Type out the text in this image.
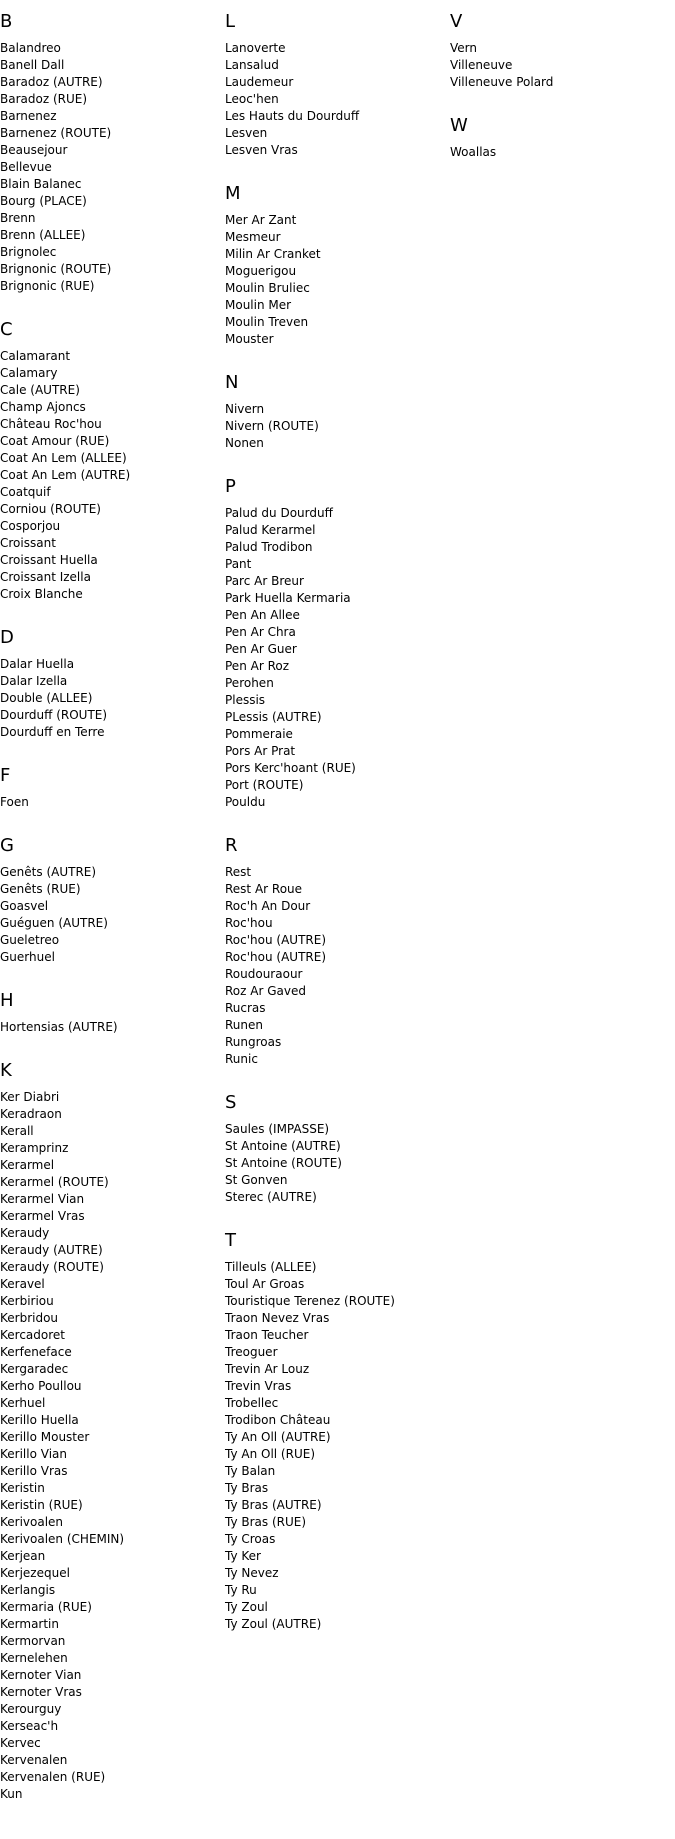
B
Balandreo
Banell Dall
Baradoz (AUTRE)
Baradoz (RUE)
Barnenez
Barnenez (ROUTE)
Beausejour
Bellevue
Blain Balanec
Bourg (PLACE)
Brenn
Brenn (ALLEE)
Brignolec
Brignonic (ROUTE)
Brignonic (RUE)
C
Calamarant
Calamary
Cale (AUTRE)
Champ Ajoncs
Château Roc'hou
Coat Amour (RUE)
Coat An Lem (ALLEE)
Coat An Lem (AUTRE)
Coatquif
Corniou (ROUTE)
Cosporjou
Croissant
Croissant Huella
Croissant Izella
Croix Blanche
D
Dalar Huella
Dalar Izella
Double (ALLEE)
Dourduff (ROUTE)
Dourduff en Terre
F
Foen
G
Genêts (AUTRE)
Genêts (RUE)
Goasvel
Guéguen (AUTRE)
Gueletreo
Guerhuel
H
Hortensias (AUTRE)
K
Ker Diabri
Keradraon
Kerall
Keramprinz
Kerarmel
Kerarmel (ROUTE)
Kerarmel Vian
Kerarmel Vras
Keraudy
Keraudy (AUTRE)
Keraudy (ROUTE)
Keravel
Kerbiriou
Kerbridou
Kercadoret
Kerfeneface
Kergaradec
Kerho Poullou
Kerhuel
Kerillo Huella
Kerillo Mouster
Kerillo Vian
Kerillo Vras
Keristin
Keristin (RUE)
Kerivoalen
Kerivoalen (CHEMIN)
Kerjean
Kerjezequel
Kerlangis
Kermaria (RUE)
Kermartin
Kermorvan
Kernelehen
Kernoter Vian
Kernoter Vras
Kerourguy
Kerseac'h
Kervec
Kervenalen
Kervenalen (RUE)
Kun
L
Lanoverte
Lansalud
Laudemeur
Leoc'hen
Les Hauts du Dourduff
Lesven
Lesven Vras
M
Mer Ar Zant
Mesmeur
Milin Ar Cranket
Moguerigou
Moulin Bruliec
Moulin Mer
Moulin Treven
Mouster
N
Nivern
Nivern (ROUTE)
Nonen
P
Palud du Dourduff
Palud Kerarmel
Palud Trodibon
Pant
Parc Ar Breur
Park Huella Kermaria
Pen An Allee
Pen Ar Chra
Pen Ar Guer
Pen Ar Roz
Perohen
Plessis
PLessis (AUTRE)
Pommeraie
Pors Ar Prat
Pors Kerc'hoant (RUE)
Port (ROUTE)
Pouldu
R
Rest
Rest Ar Roue
Roc'h An Dour
Roc'hou
Roc'hou (AUTRE)
Roc'hou (AUTRE)
Roudouraour
Roz Ar Gaved
Rucras
Runen
Rungroas
Runic
S
Saules (IMPASSE)
St Antoine (AUTRE)
St Antoine (ROUTE)
St Gonven
Sterec (AUTRE)
T
Tilleuls (ALLEE)
Toul Ar Groas
Touristique Terenez (ROUTE)
Traon Nevez Vras
Traon Teucher
Treoguer
Trevin Ar Louz
Trevin Vras
Trobellec
Trodibon Château
Ty An Oll (AUTRE)
Ty An Oll (RUE)
Ty Balan
Ty Bras
Ty Bras (AUTRE)
Ty Bras (RUE)
Ty Croas
Ty Ker
Ty Nevez
Ty Ru
Ty Zoul
Ty Zoul (AUTRE)
V
Vern
Villeneuve
Villeneuve Polard
W
Woallas
